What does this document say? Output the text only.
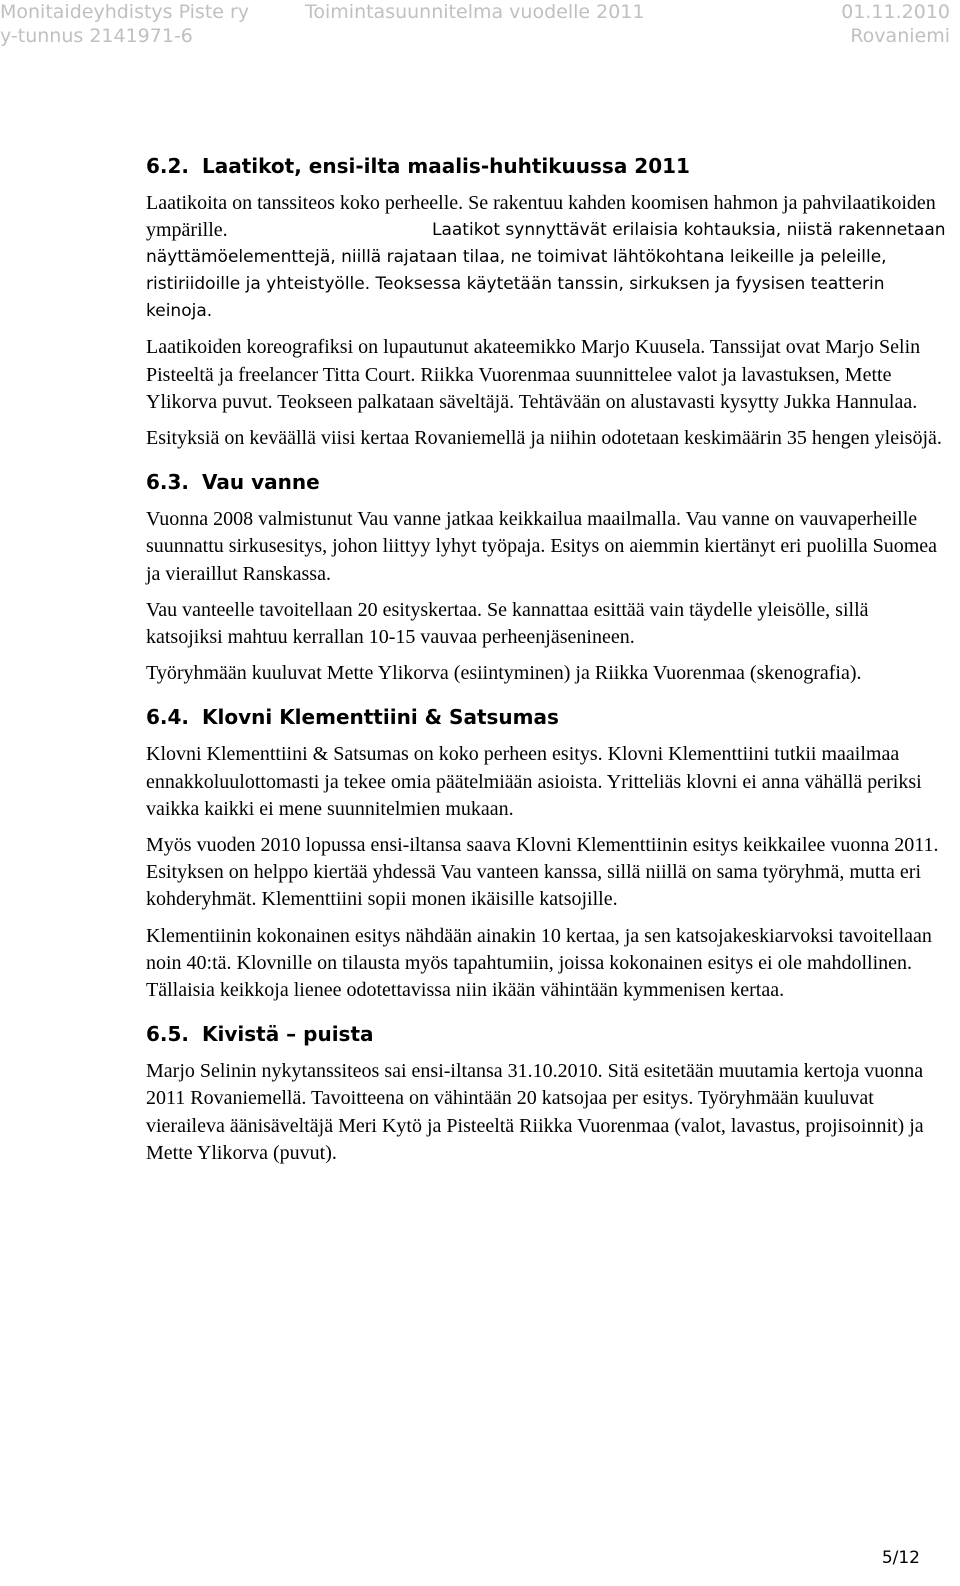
Monitaideyhdistys Piste ry	Toimintasuunnitelma vuodelle 2011	01.11.2010
y-tunnus 2141971-6	Rovaniemi
6.2. Laatikot, ensi-ilta maalis-huhtikuussa 2011

Laatikoita on tanssiteos koko perheelle. Se rakentuu kahden koomisen hahmon ja pahvilaatikoiden ympärille.	Laatikot synnyttävät erilaisia kohtauksia, niistä rakennetaan näyttämöelementtejä, niillä rajataan tilaa, ne toimivat lähtökohtana leikeille ja peleille, ristiriidoille ja yhteistyölle. Teoksessa käytetään tanssin, sirkuksen ja fyysisen teatterin keinoja.

Laatikoiden koreografiksi on lupautunut akateemikko Marjo Kuusela. Tanssijat ovat Marjo Selin Pisteeltä ja freelancer Titta Court. Riikka Vuorenmaa suunnittelee valot ja lavastuksen, Mette Ylikorva puvut. Teokseen palkataan säveltäjä. Tehtävään on alustavasti kysytty Jukka Hannulaa.

Esityksiä on keväällä viisi kertaa Rovaniemellä ja niihin odotetaan keskimäärin 35 hengen yleisöjä.

6.3. Vau vanne

Vuonna 2008 valmistunut Vau vanne jatkaa keikkailua maailmalla. Vau vanne on vauvaperheille suunnattu sirkusesitys, johon liittyy lyhyt työpaja. Esitys on aiemmin kiertänyt eri puolilla Suomea ja vieraillut Ranskassa.

Vau vanteelle tavoitellaan 20 esityskertaa. Se kannattaa esittää vain täydelle yleisölle, sillä katsojiksi mahtuu kerrallan 10-15 vauvaa perheenjäsenineen.

Työryhmään kuuluvat Mette Ylikorva (esiintyminen) ja Riikka Vuorenmaa (skenografia).

6.4. Klovni Klementtiini & Satsumas

Klovni Klementtiini & Satsumas on koko perheen esitys. Klovni Klementtiini tutkii maailmaa ennakkoluulottomasti ja tekee omia päätelmiään asioista. Yritteliäs klovni ei anna vähällä periksi vaikka kaikki ei mene suunnitelmien mukaan.

Myös vuoden 2010 lopussa ensi-iltansa saava Klovni Klementtiinin esitys keikkailee vuonna 2011. Esityksen on helppo kiertää yhdessä Vau vanteen kanssa, sillä niillä on sama työryhmä, mutta eri kohderyhmät. Klementtiini sopii monen ikäisille katsojille.

Klementiinin kokonainen esitys nähdään ainakin 10 kertaa, ja sen katsojakeskiarvoksi tavoitellaan noin 40:tä. Klovnille on tilausta myös tapahtumiin, joissa kokonainen esitys ei ole mahdollinen. Tällaisia keikkoja lienee odotettavissa niin ikään vähintään kymmenisen kertaa.

6.5. Kivistä – puista

Marjo Selinin nykytanssiteos sai ensi-iltansa 31.10.2010. Sitä esitetään muutamia kertoja vuonna 2011 Rovaniemellä. Tavoitteena on vähintään 20 katsojaa per esitys. Työryhmään kuuluvat vieraileva äänisäveltäjä Meri Kytö ja Pisteeltä Riikka Vuorenmaa (valot, lavastus, projisoinnit) ja Mette Ylikorva (puvut).

5/12
